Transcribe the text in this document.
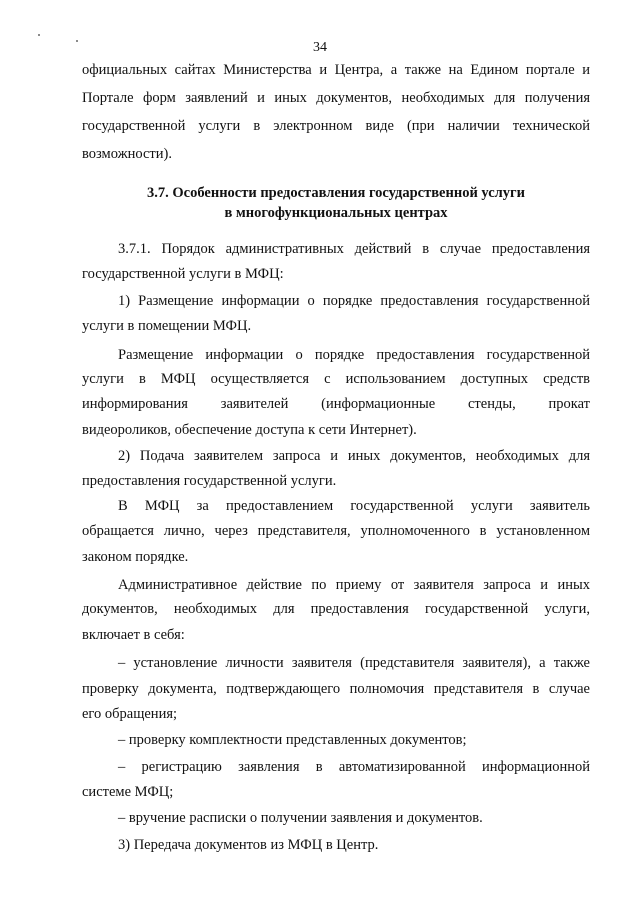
34
официальных сайтах Министерства и Центра, а также на Едином портале и
Портале форм заявлений и иных документов, необходимых для получения
государственной услуги в электронном виде (при наличии технической
возможности).
3.7. Особенности предоставления государственной услуги
в многофункциональных центрах
3.7.1. Порядок административных действий в случае предоставления
государственной услуги в МФЦ:
1) Размещение информации о порядке предоставления государственной
услуги в помещении МФЦ.
Размещение информации о порядке предоставления государственной
услуги в МФЦ осуществляется с использованием доступных средств
информирования заявителей (информационные стенды, прокат
видеороликов, обеспечение доступа к сети Интернет).
2) Подача заявителем запроса и иных документов, необходимых для
предоставления государственной услуги.
В МФЦ за предоставлением государственной услуги заявитель
обращается лично, через представителя, уполномоченного в установленном
законом порядке.
Административное действие по приему от заявителя запроса и иных
документов, необходимых для предоставления государственной услуги,
включает в себя:
– установление личности заявителя (представителя заявителя), а также
проверку документа, подтверждающего полномочия представителя в случае
его обращения;
– проверку комплектности представленных документов;
– регистрацию заявления в автоматизированной информационной
системе МФЦ;
– вручение расписки о получении заявления и документов.
3) Передача документов из МФЦ в Центр.
